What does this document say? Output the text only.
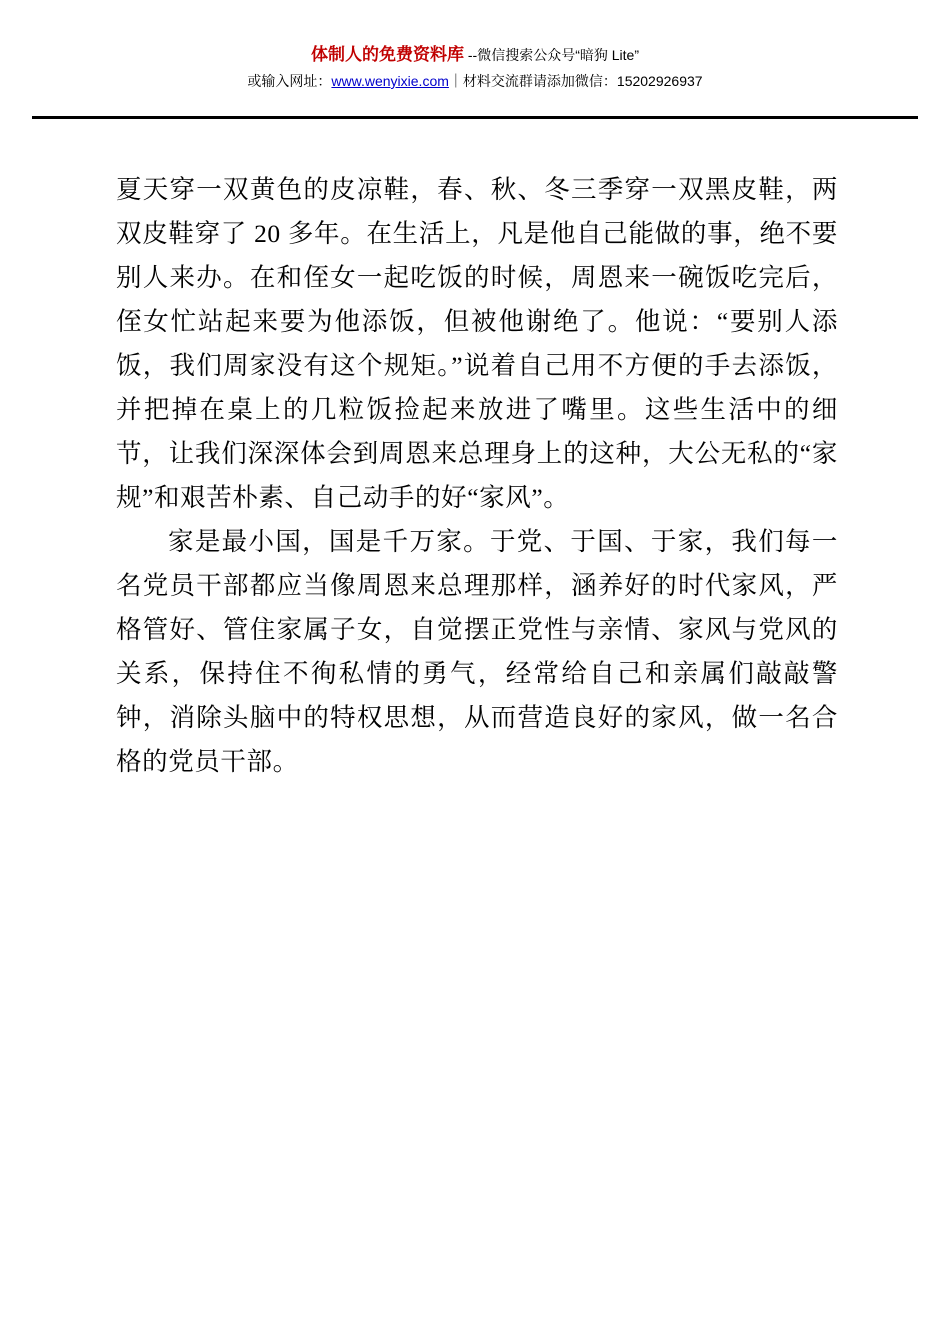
体制人的免费资料库 --微信搜索公众号“暗狗 Lite”
或输入网址：www.wenyixie.com｜材料交流群请添加微信：15202926937

夏天穿一双黄色的皮凉鞋，春、秋、冬三季穿一双黑皮鞋，两双皮鞋穿了 20 多年。在生活上，凡是他自己能做的事，绝不要别人来办。在和侄女一起吃饭的时候，周恩来一碗饭吃完后，侄女忙站起来要为他添饭，但被他谢绝了。他说：“要别人添饭，我们周家没有这个规矩。”说着自己用不方便的手去添饭，并把掉在桌上的几粒饭捡起来放进了嘴里。这些生活中的细节，让我们深深体会到周恩来总理身上的这种，大公无私的“家规”和艰苦朴素、自己动手的好“家风”。

家是最小国，国是千万家。于党、于国、于家，我们每一名党员干部都应当像周恩来总理那样，涵养好的时代家风，严格管好、管住家属子女，自觉摆正党性与亲情、家风与党风的关系，保持住不徇私情的勇气，经常给自己和亲属们敲敲警钟，消除头脑中的特权思想，从而营造良好的家风，做一名合格的党员干部。
